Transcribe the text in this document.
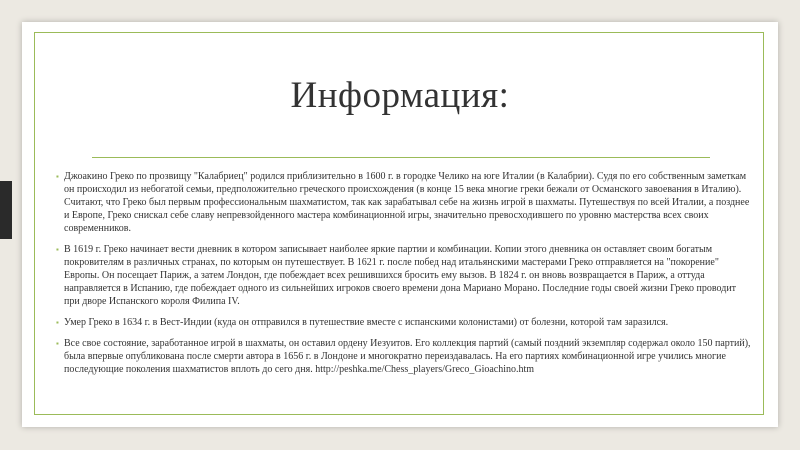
Информация:

▪ Джоакино Греко по прозвищу "Калабриец" родился приблизительно в 1600 г. в городке Челико на юге Италии (в Калабрии). Судя по его собственным заметкам он происходил из небогатой семьи, предположительно греческого происхождения (в конце 15 века многие греки бежали от Османского завоевания в Италию). Считают, что Греко был первым профессиональным шахматистом, так как зарабатывал себе на жизнь игрой в шахматы. Путешествуя по всей Италии, а позднее и Европе, Греко снискал себе славу непревзойденного мастера комбинационной игры, значительно превосходившего по уровню мастерства всех своих современников.

▪ В 1619 г. Греко начинает вести дневник в котором записывает наиболее яркие партии и комбинации. Копии этого дневника он оставляет своим богатым покровителям в различных странах, по которым он путешествует. В 1621 г. после побед над итальянскими мастерами Греко отправляется на "покорение" Европы. Он посещает Париж, а затем Лондон, где побеждает всех решившихся бросить ему вызов. В 1824 г. он вновь возвращается в Париж, а оттуда направляется в Испанию, где побеждает одного из сильнейших игроков своего времени дона Мариано Морано. Последние годы своей жизни Греко проводит при дворе Испанского короля Филипа IV.

▪ Умер Греко в 1634 г. в Вест-Индии (куда он отправился в путешествие вместе с испанскими колонистами) от болезни, которой там заразился.

▪ Все свое состояние, заработанное игрой в шахматы, он оставил ордену Иезуитов. Его коллекция партий (самый поздний экземпляр содержал около 150 партий), была впервые опубликована после смерти автора в 1656 г. в Лондоне и многократно переиздавалась. На его партиях комбинационной игре учились многие последующие поколения шахматистов вплоть до сего дня. http://peshka.me/Chess_players/Greco_Gioachino.htm
